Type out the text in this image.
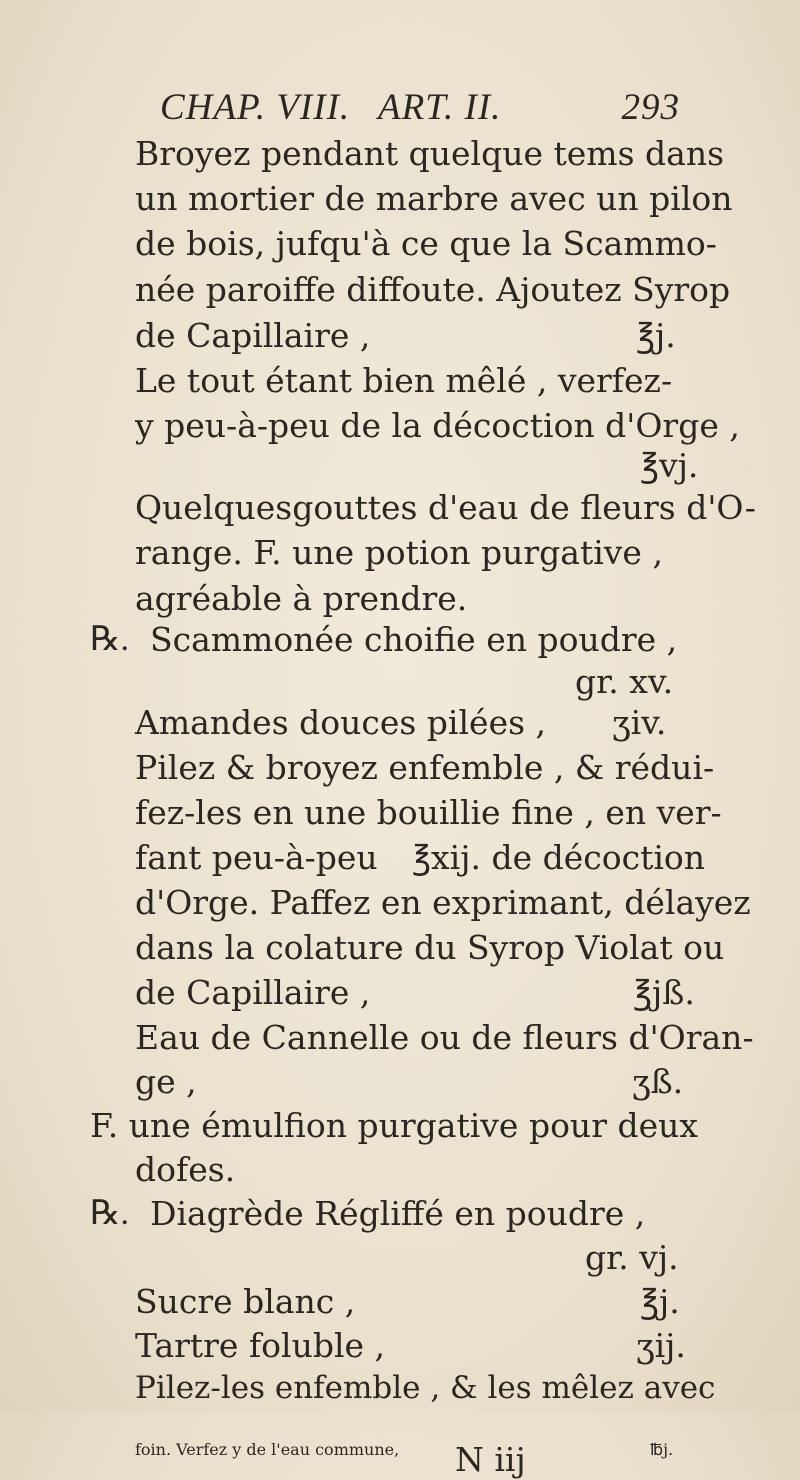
CHAP. VIII. ART. II.	293
Broyez pendant quelque tems dans
un mortier de marbre avec un pilon
de bois, jufqu'à ce que la Scammo-
née paroiffe diffoute. Ajoutez Syrop
de Capillaire ,	℥j.
Le tout étant bien mêlé , verfez-
y peu-à-peu de la décoction d'Orge ,
℥vj.
Quelquesgouttes d'eau de fleurs d'O-
range. F. une potion purgative ,
agréable à prendre.
℞. Scammonée choifie en poudre ,
gr. xv.
Amandes douces pilées , ʒiv.
Pilez & broyez enfemble , & rédui-
fez-les en une bouillie fine , en ver-
fant peu-à-peu ℥xij. de décoction
d'Orge. Paffez en exprimant, délayez
dans la colature du Syrop Violat ou
de Capillaire ,	℥jß.
Eau de Cannelle ou de fleurs d'Oran-
ge ,	ʒß.
F. une émulfion purgative pour deux
dofes.
℞. Diagrède Régliffé en poudre ,
gr. vj.
Sucre blanc ,	℥j.
Tartre foluble ,	ʒij.
Pilez-les enfemble , & les mêlez avec
foin. Verfez y de l'eau commune,	℔j.
N iij
